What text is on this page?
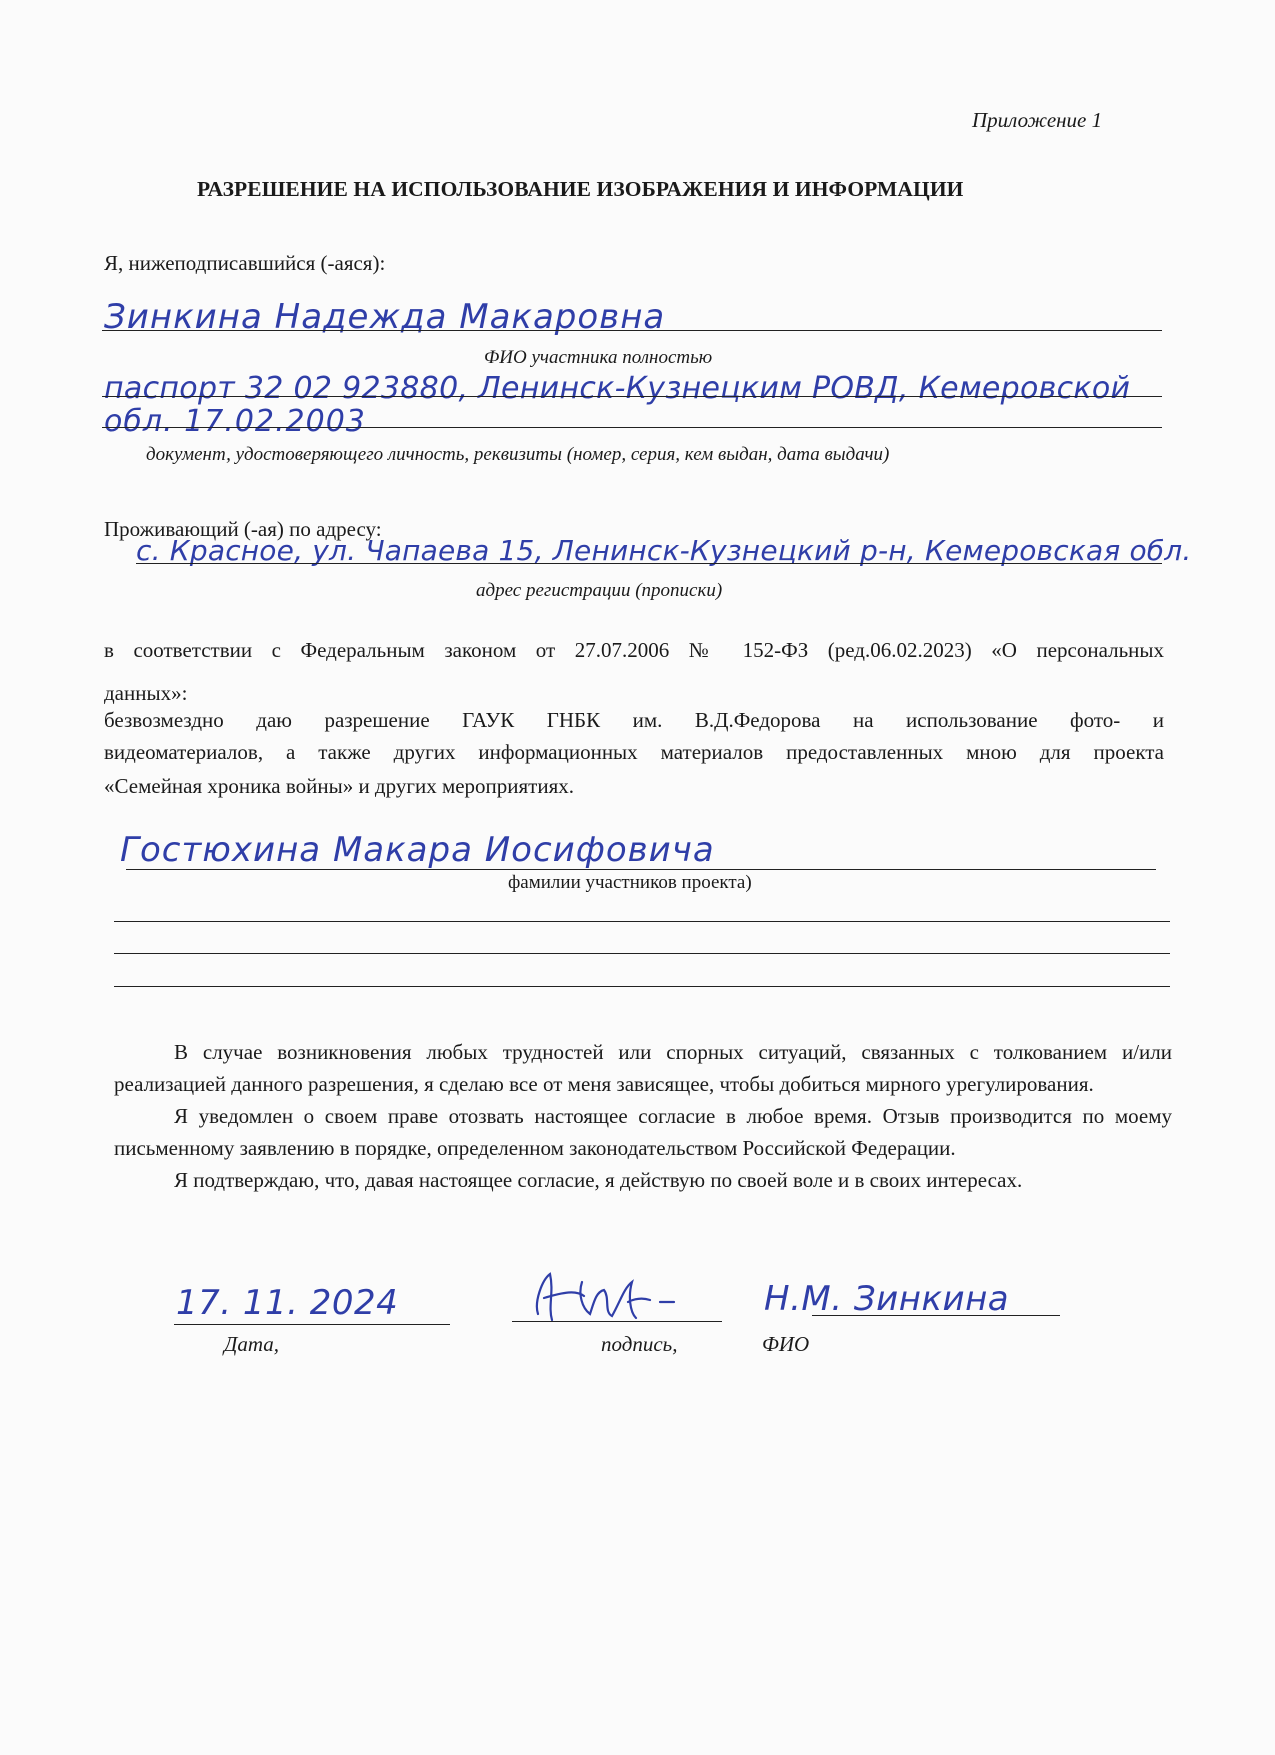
Приложение 1
РАЗРЕШЕНИЕ НА ИСПОЛЬЗОВАНИЕ ИЗОБРАЖЕНИЯ И ИНФОРМАЦИИ
Я, нижеподписавшийся (-аяся):
Зинкина Надежда Макаровна
ФИО участника полностью
паспорт 32 02 923880, Ленинск-Кузнецким РОВД, Кемеровской
обл. 17.02.2003
документ, удостоверяющего личность, реквизиты (номер, серия, кем выдан, дата выдачи)
Проживающий (-ая) по адресу:
с. Красное, ул. Чапаева 15, Ленинск-Кузнецкий р-н, Кемеровская обл.
адрес регистрации (прописки)
в соответствии с Федеральным законом от 27.07.2006 № 152-ФЗ (ред.06.02.2023) «О персональных
данных»:
безвозмездно даю разрешение ГАУК ГНБК им. В.Д.Федорова на использование фото- и
видеоматериалов, а также других информационных материалов предоставленных мною для проекта
«Семейная хроника войны» и других мероприятиях.
Гостюхина Макара Иосифовича
фамилии участников проекта)

В случае возникновения любых трудностей или спорных ситуаций, связанных с толкованием и/или реализацией данного разрешения, я сделаю все от меня зависящее, чтобы добиться мирного урегулирования.

Я уведомлен о своем праве отозвать настоящее согласие в любое время. Отзыв производится по моему письменному заявлению в порядке, определенном законодательством Российской Федерации.

Я подтверждаю, что, давая настоящее согласие, я действую по своей воле и в своих интересах.

17. 11. 2024
Дата,	подпись,
Н.М. Зинкина
ФИО
